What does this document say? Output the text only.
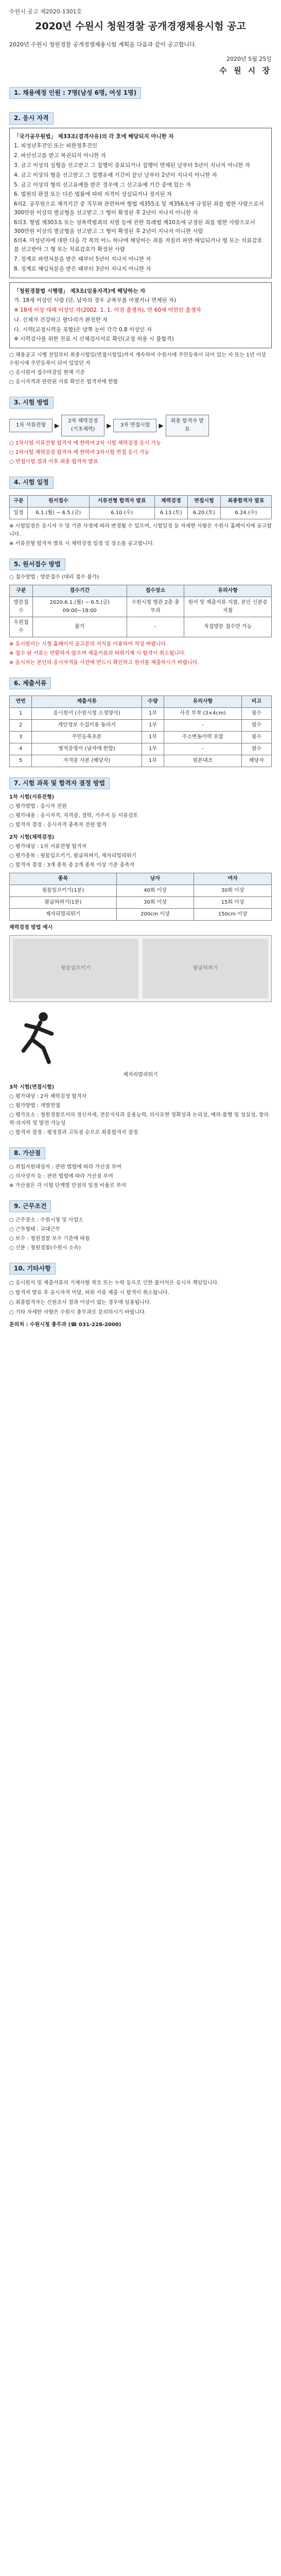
수원시 공고 제2020-1301호
2020년 수원시 청원경찰 공개경쟁채용시험 공고
2020년 수원시 청원경찰 공개경쟁채용시험 계획을 다음과 같이 공고합니다.
2020년 5월 25일
수 원 시 장
1. 채용예정 인원 : 7명(남성 6명, 여성 1명)
2. 응시 자격

「국가공무원법」 제33조(결격사유)의 각 호에 해당되지 아니한 자

1. 피성년후견인 또는 피한정후견인

2. 파산선고를 받고 복권되지 아니한 자

3. 금고 이상의 실형을 선고받고 그 집행이 종료되거나 집행이 면제된 날부터 5년이 지나지 아니한 자

4. 금고 이상의 형을 선고받고 그 집행유예 기간이 끝난 날부터 2년이 지나지 아니한 자

5. 금고 이상의 형의 선고유예를 받은 경우에 그 선고유예 기간 중에 있는 자

6. 법원의 판결 또는 다른 법률에 따라 자격이 상실되거나 정지된 자

6의2. 공무원으로 재직기간 중 직무와 관련하여 형법 제355조 및 제356조에 규정된 죄를 범한 사람으로서 300만원 이상의 벌금형을 선고받고 그 형이 확정된 후 2년이 지나지 아니한 자

6의3. 형법 제303조 또는 성폭력범죄의 처벌 등에 관한 특례법 제10조에 규정된 죄를 범한 사람으로서 300만원 이상의 벌금형을 선고받고 그 형이 확정된 후 2년이 지나지 아니한 사람

6의4. 미성년자에 대한 다음 각 목의 어느 하나에 해당하는 죄를 저질러 파면·해임되거나 형 또는 치료감호를 선고받아 그 형 또는 치료감호가 확정된 사람

7. 징계로 파면처분을 받은 때부터 5년이 지나지 아니한 자

8. 징계로 해임처분을 받은 때부터 3년이 지나지 아니한 자

「청원경찰법 시행령」 제3조(임용자격)에 해당하는 자

가. 18세 이상인 사람 (단, 남자의 경우 군복무를 마쳤거나 면제된 자)

※ 18세 이상 대해 이상인 자(2002. 1. 1. 이전 출생자), 만 60세 미만인 출생자

나. 신체가 건강하고 팔다리가 완전한 자

다. 시력(교정시력을 포함)은 양쪽 눈이 각각 0.8 이상인 자

※ 시력검사를 위한 진료 시 신체검사서로 확인(교정 허용 시 불합격)

○ 채용공고 시행 전일부터 최종시험일(면접시험일)까지 계속하여 수원시에 주민등록이 되어 있는 자 또는 1년 이상 수원시에 주민등록이 되어 있었던 자

○ 응시원서 접수마감일 현재 기준

○ 응시자격과 관련된 서류 확인은 합격자에 한함

3. 시험 방법
1차 서류전형	▶
2차 체력검정 (기초체력)
▶	3차 면접시험	▶
최종 합격자 발표

○ 1차시험 서류전형 합격자 에 한하여 2차 시험 체력검정 응시 가능

○ 2차시험 체력검정 합격자 에 한하여 3차시험 면접 응시 가능

○ 면접시험 결과 이후 최종 합격자 발표

4. 시험 일정
구분	원서접수	서류전형 합격자 발표	체력검정	면접시험	최종합격자 발표
일정	6.1.(월) ~ 6.5.(금)	6.10.(수)	6.13.(토)	6.20.(토)	6.24.(수)

※ 시험일정은 응시자 수 및 기관 사정에 따라 변경될 수 있으며, 시험일정 등 자세한 사항은 수원시 홈페이지에 공고합니다.

※ 서류전형 합격자 발표 시 체력검정 일정 및 장소를 공고합니다.

5. 원서접수 방법
○ 접수방법 : 방문접수 (대리 접수 불가)
구분	접수기간	접수장소	유의사항
방문접수	2020.6.1.(월) ~ 6.5.(금) 09:00~18:00	수원시청 별관 2층 총무과	원서 및 제출서류 지참, 본인 신분증 지참
우편접수	불가	-	직접방문 접수만 가능

※ 응시원서는 시청 홈페이지 공고문의 서식을 이용하여 작성 바랍니다.

※ 접수 된 서류는 반환하지 않으며 제출서류의 허위기재 시 합격이 취소됩니다.

※ 응시자는 본인의 응시자격을 사전에 반드시 확인하고 원서를 제출하시기 바랍니다.

6. 제출서류
연번	제출서류	수량	유의사항	비고
1	응시원서 (수원시청 소정양식)	1부	사진 부착 (3×4cm)	필수
2	개인정보 수집이용 동의서	1부	-	필수
3	주민등록초본	1부	주소변동이력 포함	필수
4	병적증명서 (남자에 한함)	1부	-	필수
5	자격증 사본 (해당자)	1부	원본대조	해당자
7. 시험 과목 및 합격자 결정 방법

1차 시험(서류전형)

○ 평가방법 : 응시자 전원

○ 평가내용 : 응시자격, 자격증, 경력, 거주지 등 서류검토

○ 합격자 결정 : 응시자격 충족자 전원 합격

2차 시험(체력검정)

○ 평가대상 : 1차 서류전형 합격자

○ 평가종목 : 윗몸일으키기, 팔굽혀펴기, 제자리멀리뛰기

○ 합격자 결정 : 3개 종목 중 2개 종목 이상 기준 충족자

종목	남자	여자
윗몸일으키기(1분)	40회 이상	30회 이상
팔굽혀펴기(1분)	30회 이상	15회 이상
제자리멀리뛰기	200cm 이상	150cm 이상
체력검정 방법 예시
윗몸일으키기	팔굽혀펴기
제자리멀리뛰기

3차 시험(면접시험)

○ 평가대상 : 2차 체력검정 합격자

○ 평가방법 : 개별면접

○ 평가요소 : 청원경찰로서의 정신자세, 전문지식과 응용능력, 의사표현 정확성과 논리성, 예의·품행 및 성실성, 창의력·의지력 및 발전 가능성

○ 합격자 결정 : 평정결과 고득점 순으로 최종합격자 결정

8. 가산점

○ 취업지원대상자 : 관련 법령에 따라 가산점 부여

○ 의사상자 등 : 관련 법령에 따라 가산점 부여

※ 가산점은 각 시험 단계별 만점의 일정 비율로 부여

9. 근무조건

○ 근무장소 : 수원시청 및 사업소

○ 근무형태 : 교대근무

○ 보수 : 청원경찰 보수 기준에 따름

○ 신분 : 청원경찰(수원시 소속)

10. 기타사항

○ 응시원서 및 제출서류의 기재사항 착오 또는 누락 등으로 인한 불이익은 응시자 책임입니다.

○ 합격자 발표 후 응시자격 미달, 허위 서류 제출 시 합격이 취소됩니다.

○ 최종합격자는 신원조사 결과 이상이 없는 경우에 임용됩니다.

○ 기타 자세한 사항은 수원시 총무과로 문의하시기 바랍니다.

문의처 : 수원시청 총무과 (☎ 031-228-2000)
